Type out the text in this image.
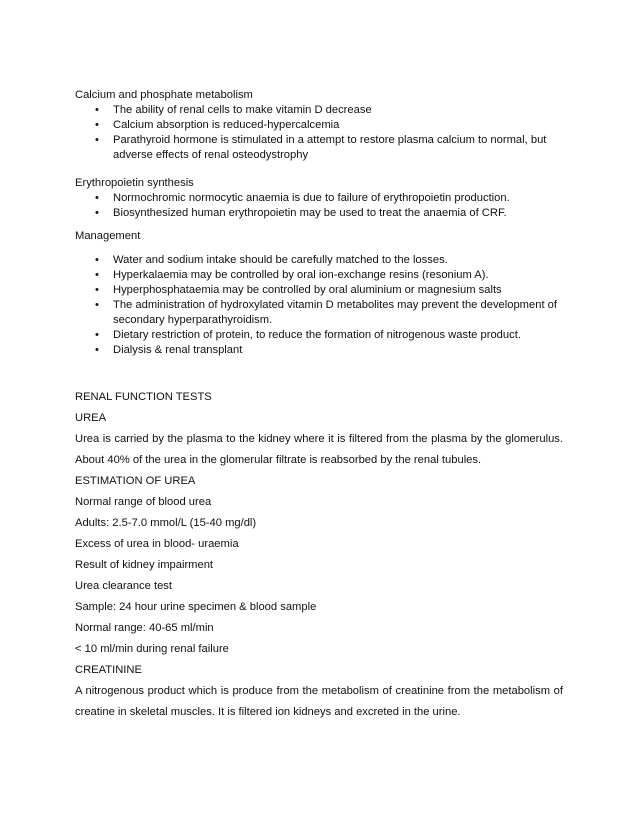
Calcium and phosphate metabolism

• The ability of renal cells to make vitamin D decrease
• Calcium absorption is reduced-hypercalcemia
• Parathyroid hormone is stimulated in a attempt to restore plasma calcium to normal, but adverse effects of renal osteodystrophy

Erythropoietin synthesis

• Normochromic normocytic anaemia is due to failure of erythropoietin production.
• Biosynthesized human erythropoietin may be used to treat the anaemia of CRF.

Management

• Water and sodium intake should be carefully matched to the losses.
• Hyperkalaemia may be controlled by oral ion-exchange resins (resonium A).
• Hyperphosphataemia may be controlled by oral aluminium or magnesium salts
• The administration of hydroxylated vitamin D metabolites may prevent the development of secondary hyperparathyroidism.
• Dietary restriction of protein, to reduce the formation of nitrogenous waste product.
• Dialysis & renal transplant
RENAL FUNCTION TESTS
UREA
Urea is carried by the plasma to the kidney where it is filtered from the plasma by the glomerulus. About 40% of the urea in the glomerular filtrate is reabsorbed by the renal tubules.
ESTIMATION OF UREA
Normal range of blood urea
Adults: 2.5-7.0 mmol/L (15-40 mg/dl)
Excess of urea in blood- uraemia
Result of kidney impairment
Urea clearance test
Sample: 24 hour urine specimen & blood sample
Normal range: 40-65 ml/min
< 10 ml/min during renal failure
CREATININE
A nitrogenous product which is produce from the metabolism of creatinine from the metabolism of creatine in skeletal muscles. It is filtered ion kidneys and excreted in the urine.
